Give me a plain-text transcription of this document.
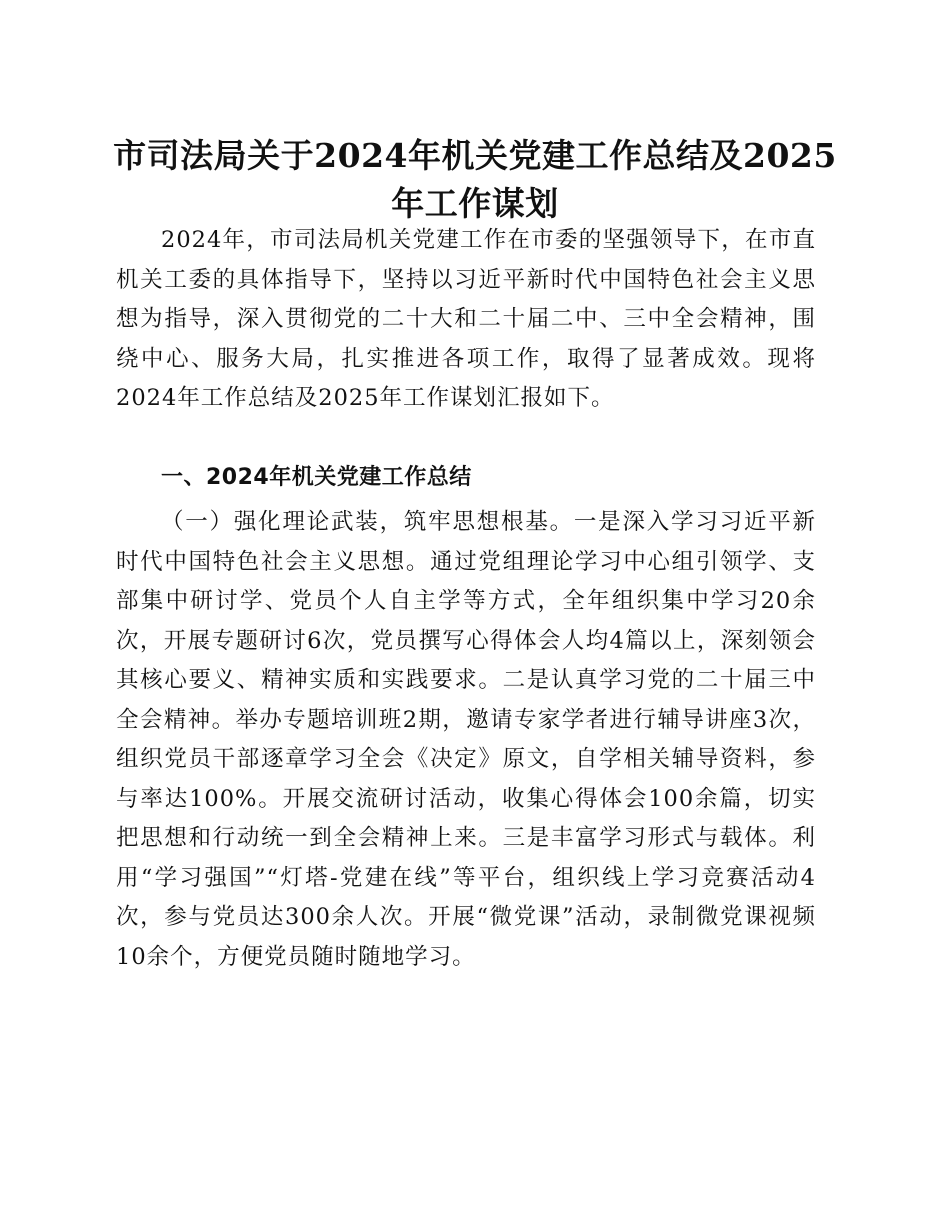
市司法局关于2024年机关党建工作总结及2025年工作谋划

2024年，市司法局机关党建工作在市委的坚强领导下，在市直机关工委的具体指导下，坚持以习近平新时代中国特色社会主义思想为指导，深入贯彻党的二十大和二十届二中、三中全会精神，围绕中心、服务大局，扎实推进各项工作，取得了显著成效。现将2024年工作总结及2025年工作谋划汇报如下。

一、2024年机关党建工作总结

（一）强化理论武装，筑牢思想根基。一是深入学习习近平新时代中国特色社会主义思想。通过党组理论学习中心组引领学、支部集中研讨学、党员个人自主学等方式，全年组织集中学习20余次，开展专题研讨6次，党员撰写心得体会人均4篇以上，深刻领会其核心要义、精神实质和实践要求。二是认真学习党的二十届三中全会精神。举办专题培训班2期，邀请专家学者进行辅导讲座3次，组织党员干部逐章学习全会《决定》原文，自学相关辅导资料，参与率达100%。开展交流研讨活动，收集心得体会100余篇，切实把思想和行动统一到全会精神上来。三是丰富学习形式与载体。利用“学习强国”“灯塔-党建在线”等平台，组织线上学习竞赛活动4次，参与党员达300余人次。开展“微党课”活动，录制微党课视频10余个，方便党员随时随地学习。
